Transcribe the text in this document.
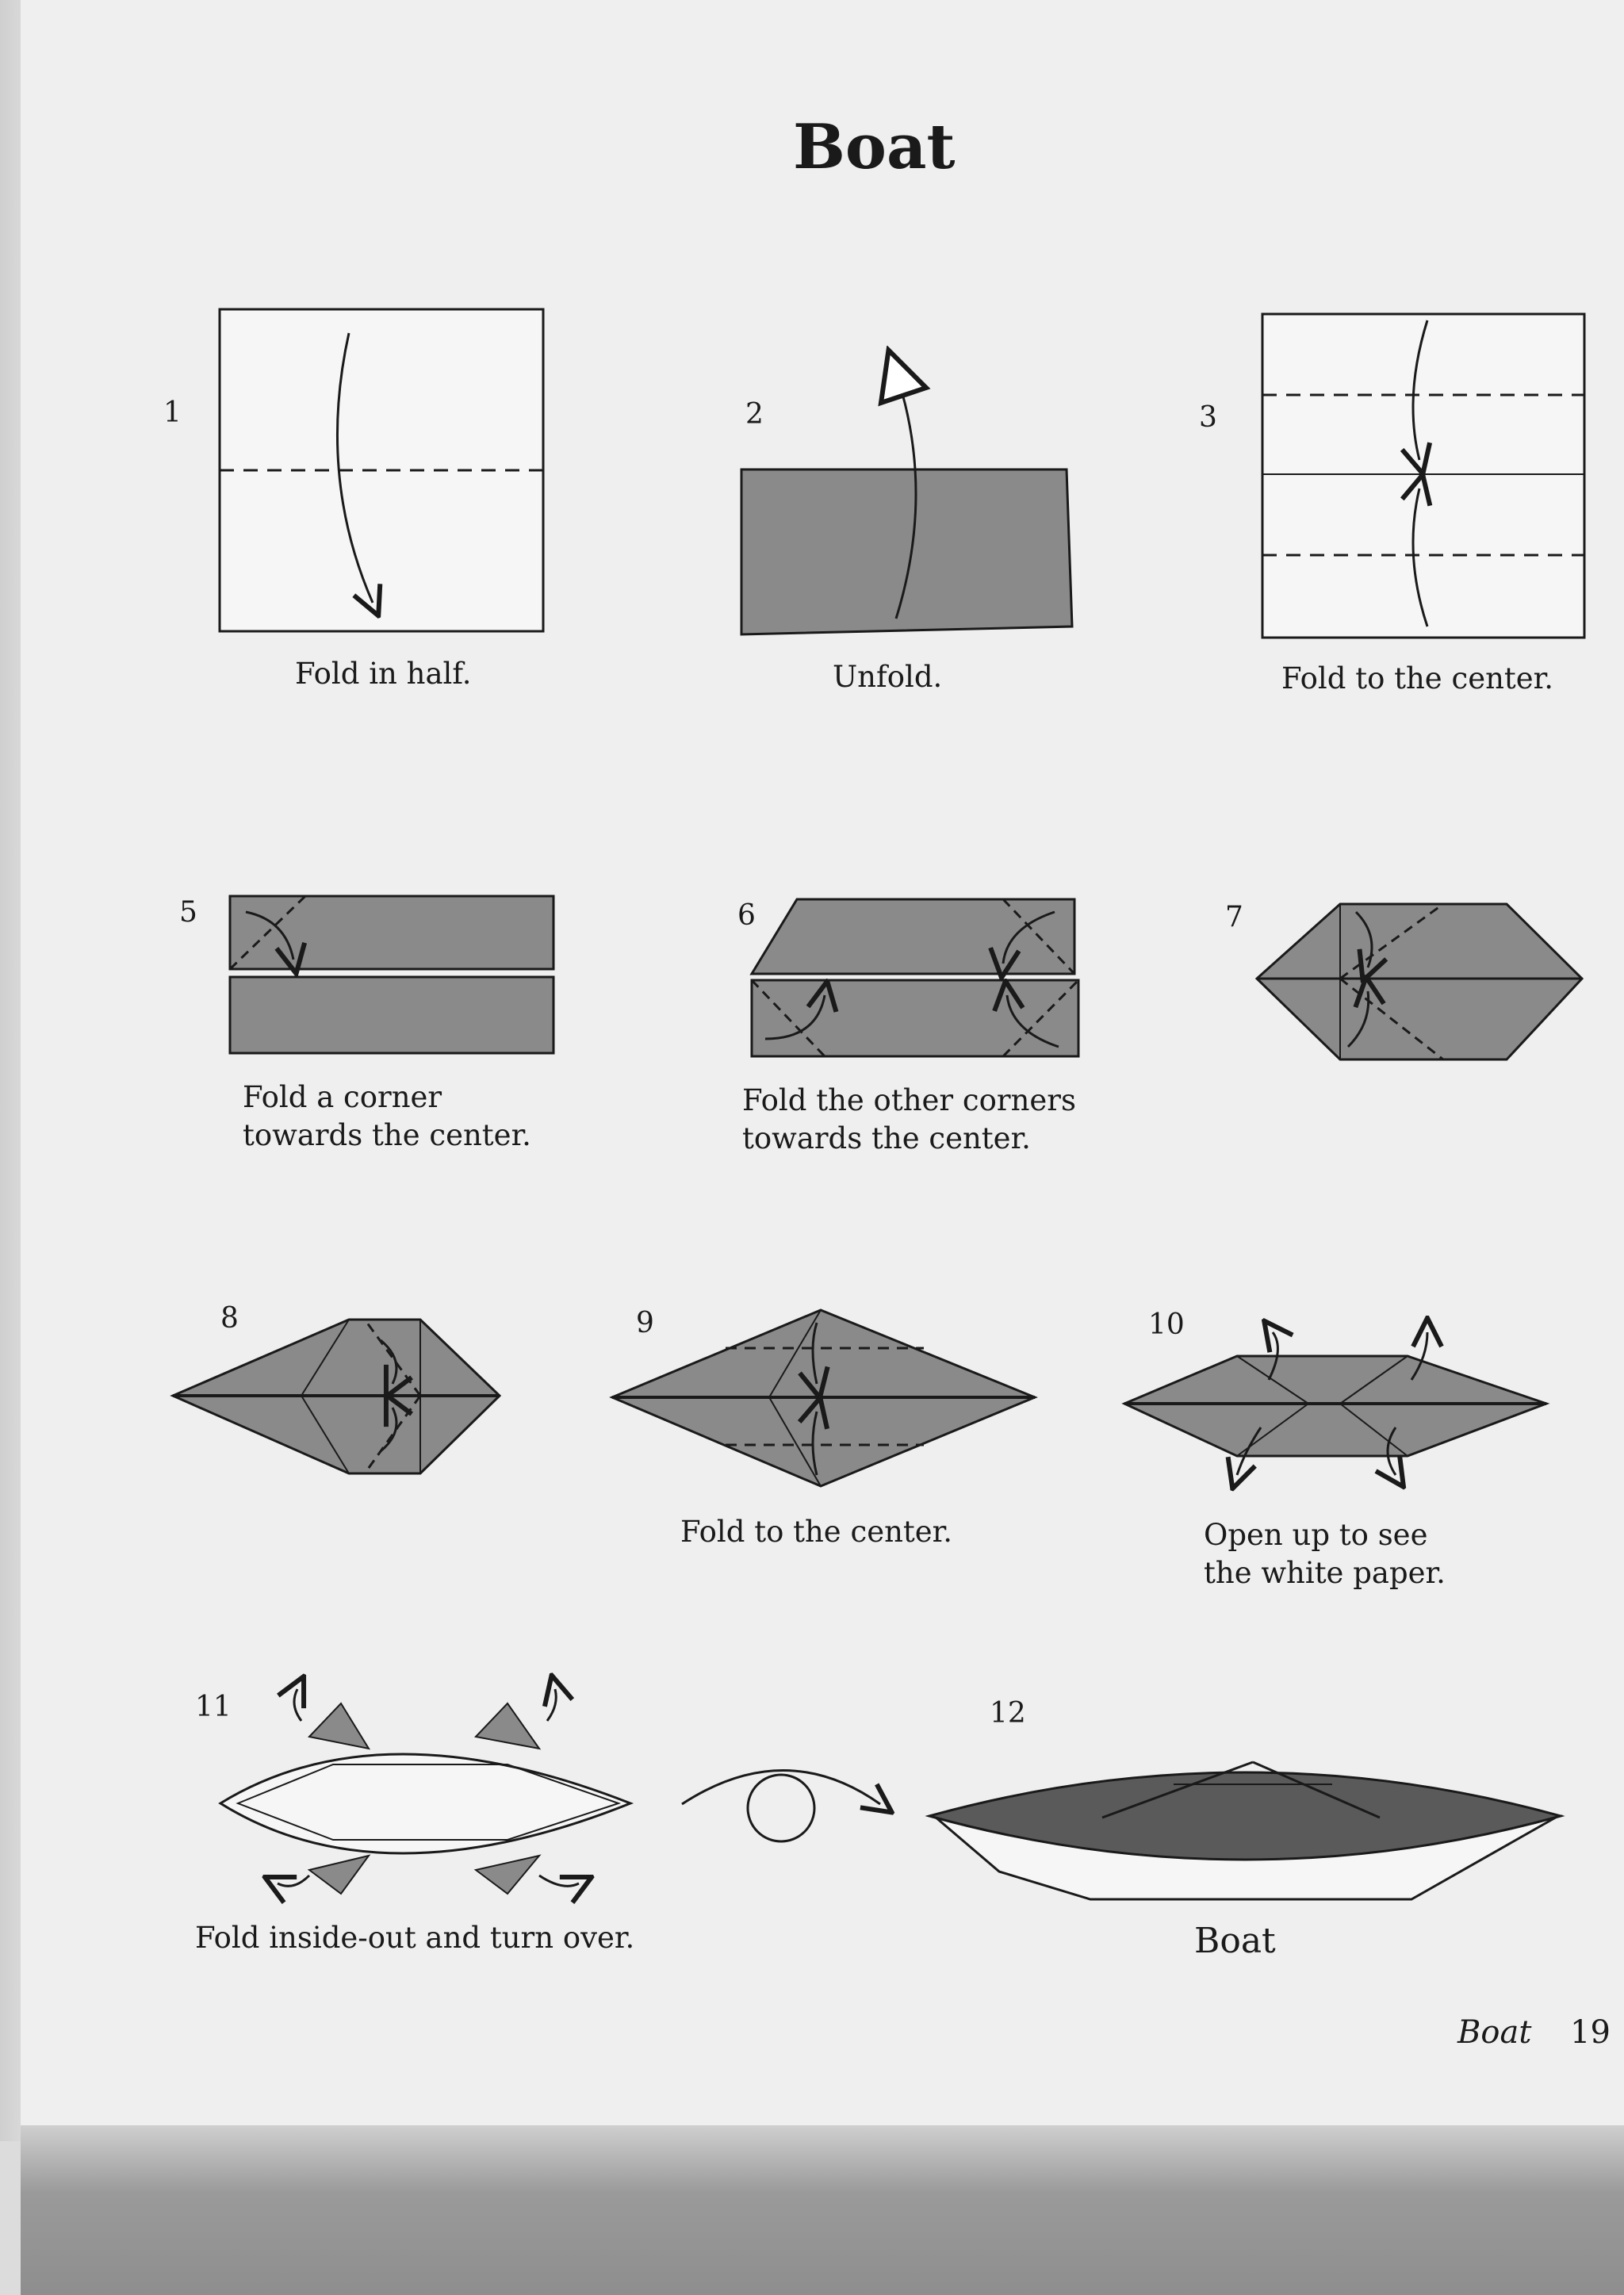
Boat
1	2	3
5	6	7
8	9	10
11	12
Fold in half.	Unfold.	Fold to the center.
Fold a corner
towards the center.
Fold the other corners
towards the center.
Fold to the center.	Open up to see
the white paper.
Fold inside-out and turn over.	Boat
Boat 19
